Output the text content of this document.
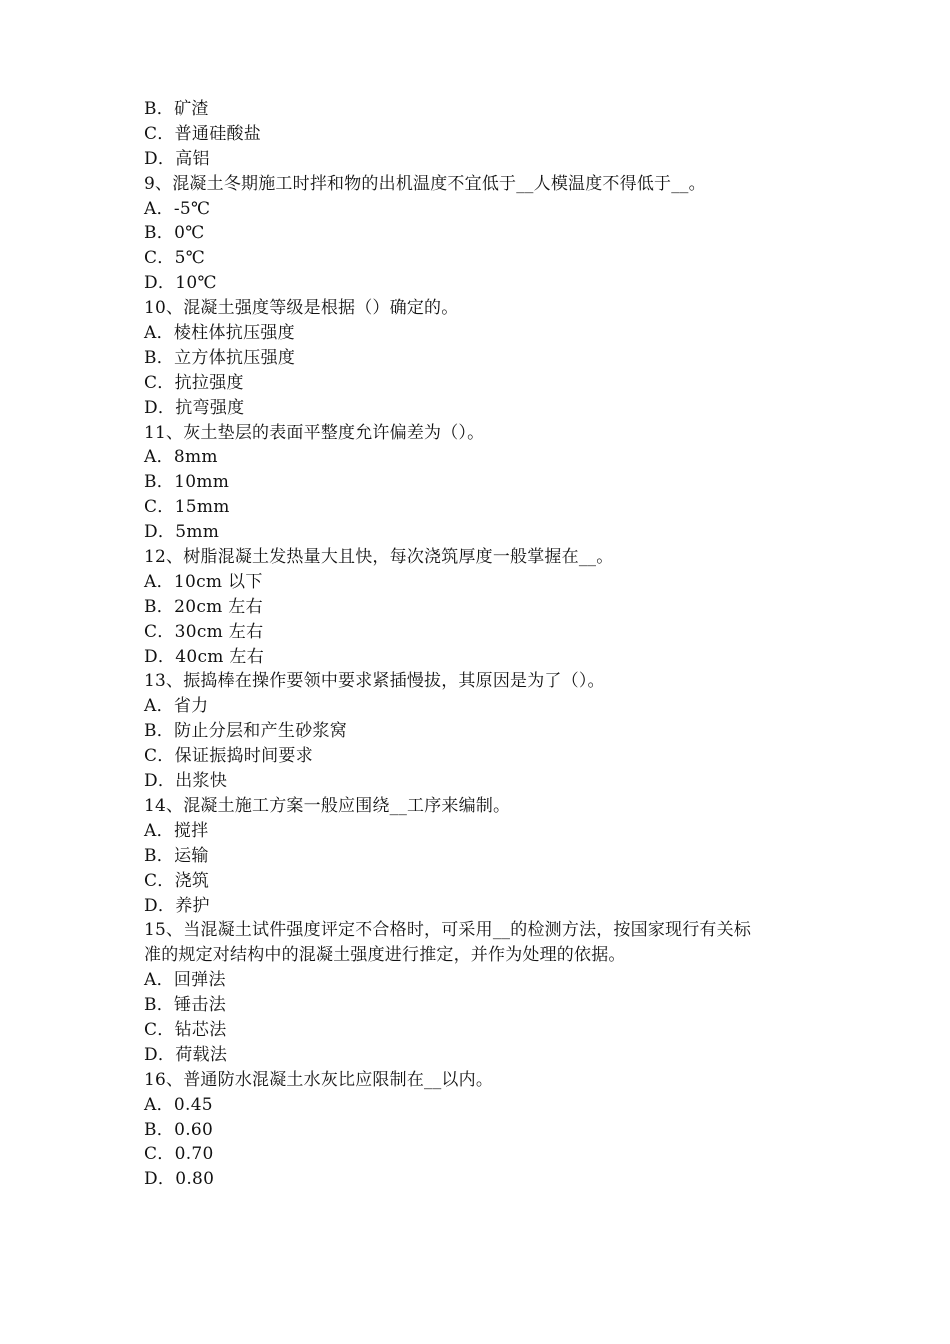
B．矿渣
C．普通硅酸盐
D．高铝
9、混凝土冬期施工时拌和物的出机温度不宜低于__人模温度不得低于__。
A．-5℃
B．0℃
C．5℃
D．10℃
10、混凝土强度等级是根据（）确定的。
A．棱柱体抗压强度
B．立方体抗压强度
C．抗拉强度
D．抗弯强度
11、灰土垫层的表面平整度允许偏差为（）。
A．8mm
B．10mm
C．15mm
D．5mm
12、树脂混凝土发热量大且快，每次浇筑厚度一般掌握在__。
A．10cm 以下
B．20cm 左右
C．30cm 左右
D．40cm 左右
13、振捣棒在操作要领中要求紧插慢拔，其原因是为了（）。
A．省力
B．防止分层和产生砂浆窝
C．保证振捣时间要求
D．出浆快
14、混凝土施工方案一般应围绕__工序来编制。
A．搅拌
B．运输
C．浇筑
D．养护
15、当混凝土试件强度评定不合格时，可采用__的检测方法，按国家现行有关标
准的规定对结构中的混凝土强度进行推定，并作为处理的依据。
A．回弹法
B．锤击法
C．钻芯法
D．荷载法
16、普通防水混凝土水灰比应限制在__以内。
A．0.45
B．0.60
C．0.70
D．0.80
